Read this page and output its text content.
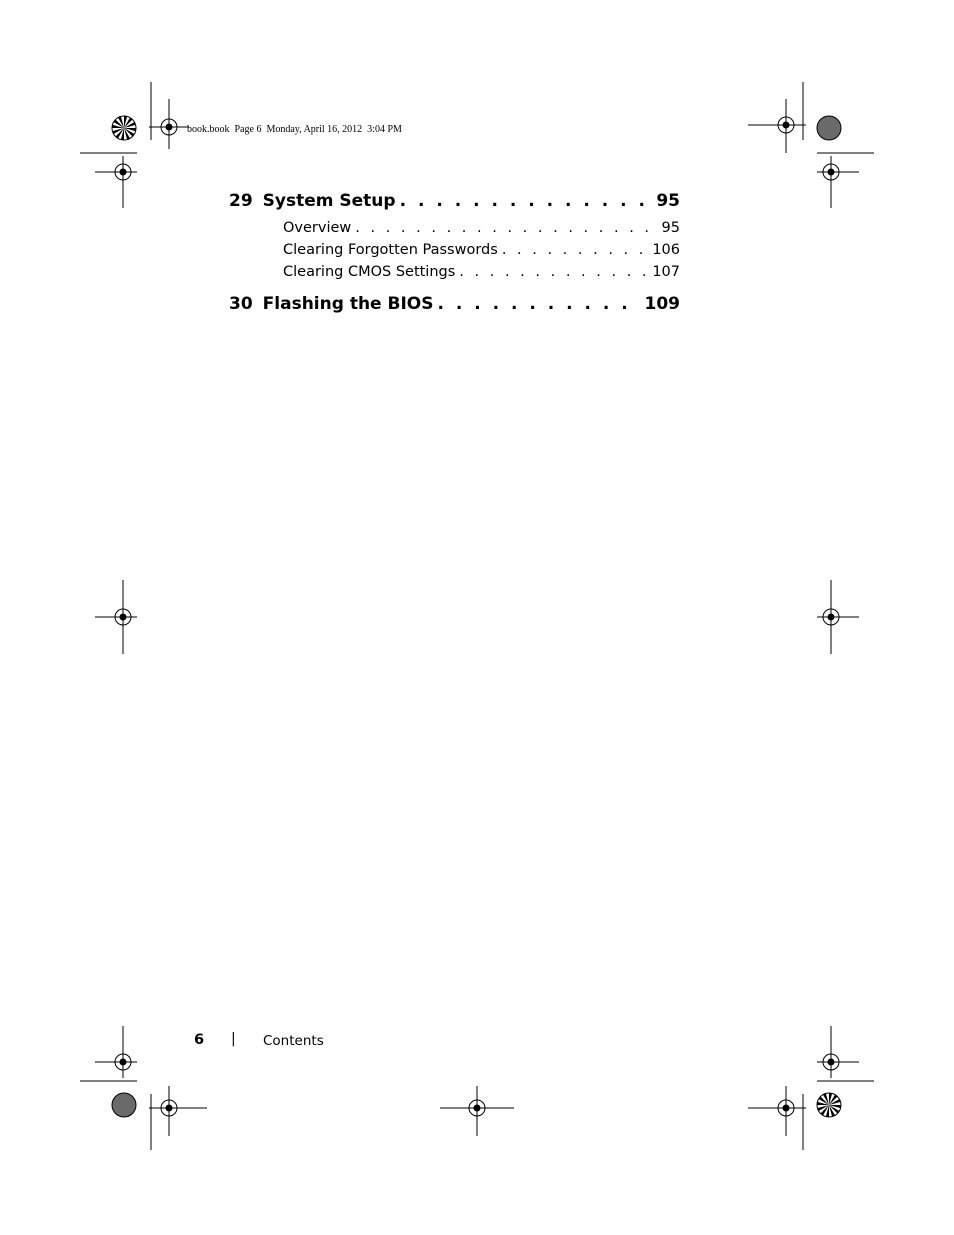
book.book  Page 6  Monday, April 16, 2012  3:04 PM
29 System Setup . . .	95
Overview . . .	95
Clearing Forgotten Passwords . . .	106
Clearing CMOS Settings . . .	107
30 Flashing the BIOS . . .	109
6 | Contents
